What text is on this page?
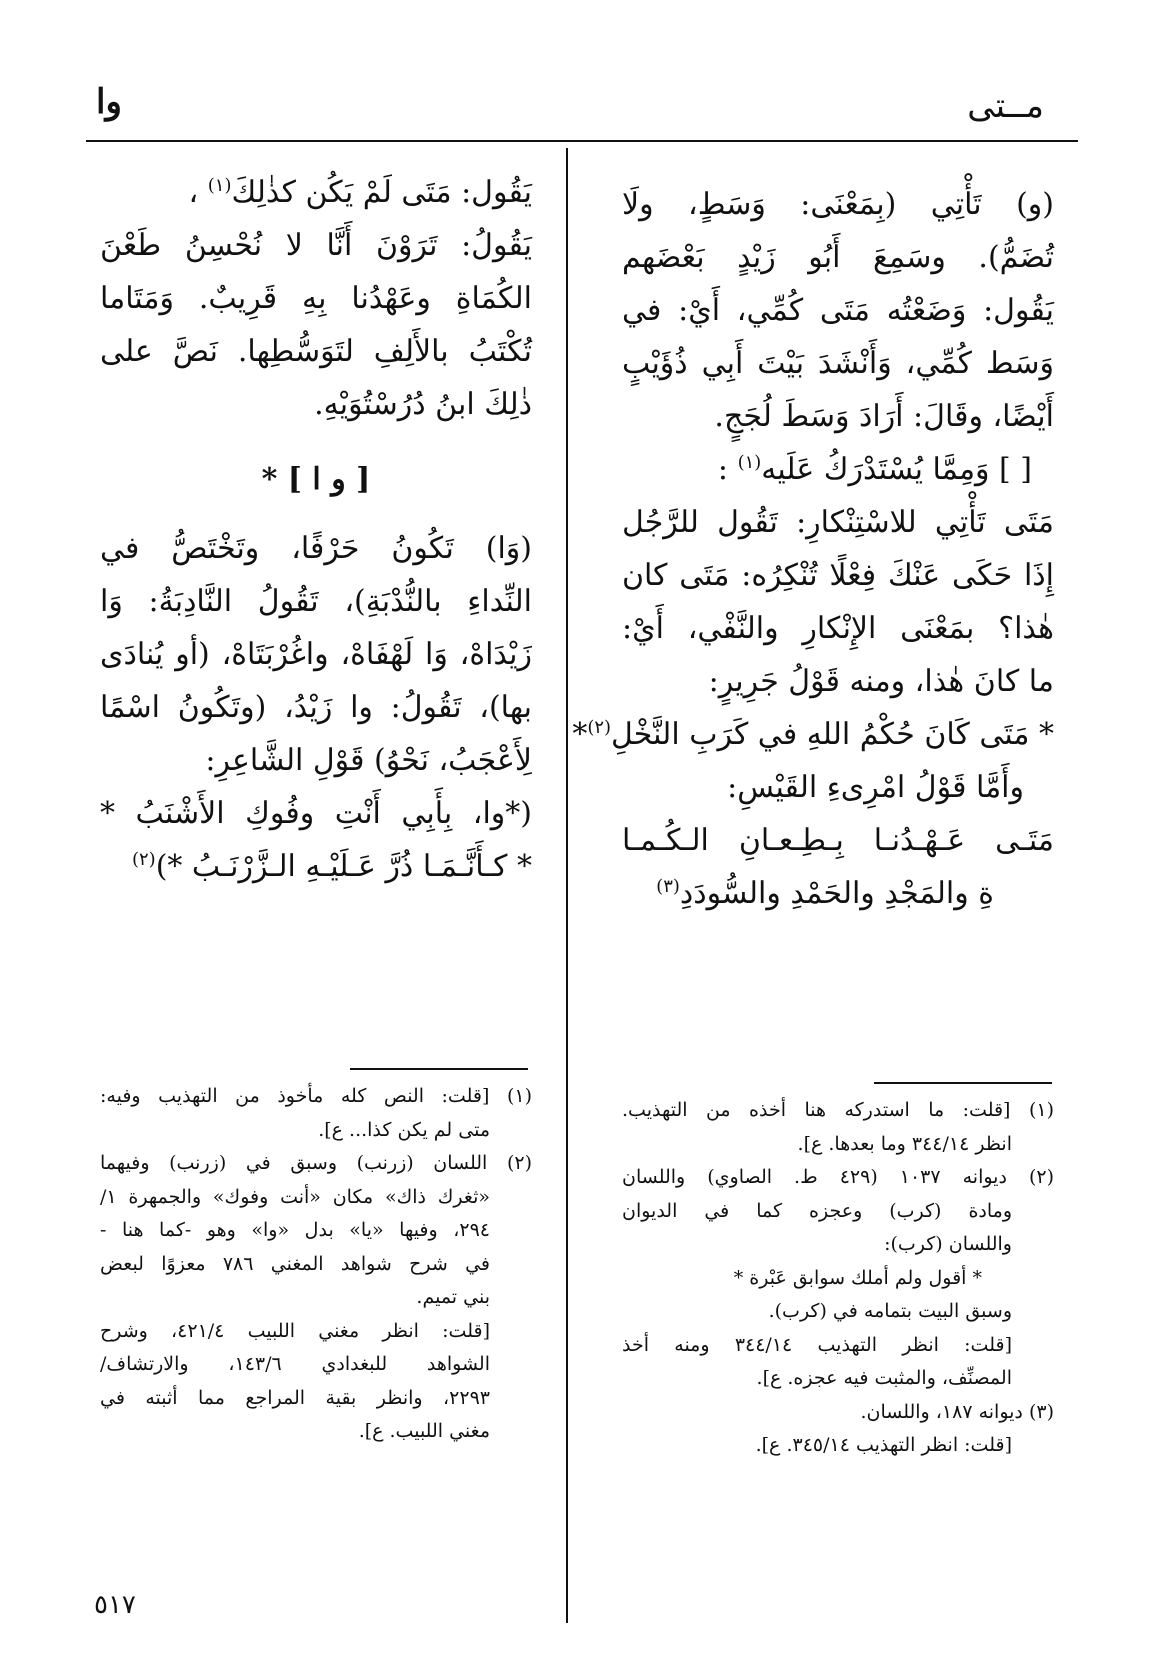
مــتى
وا
(و) تَأْتِي (بِمَعْنَى: وَسَطٍ، ولَا
تُضَمُّ). وسَمِعَ أَبُو زَيْدٍ بَعْضَهم
يَقُول: وَضَعْتُه مَتَى كُمِّي، أَيْ: في
وَسَط كُمِّي، وَأَنْشَدَ بَيْتَ أَبِي ذُؤَيْبٍ
أَيْضًا، وقَالَ: أَرَادَ وَسَطَ لُجَجٍ.
[ ] وَمِمَّا يُسْتَدْرَكُ عَلَيه$^{(١)}$ :
مَتَى تَأْتِي للاسْتِنْكارِ: تَقُول للرَّجُل
إِذَا حَكَى عَنْكَ فِعْلًا تُنْكِرُه: مَتَى كان
هٰذا؟ بمَعْنَى الإِنْكارِ والنَّفْي، أَيْ:
ما كانَ هٰذا، ومنه قَوْلُ جَرِيرٍ:
* مَتَى كَانَ حُكْمُ اللهِ في كَرَبِ النَّخْلِ$^{(٢)}$*
وأَمَّا قَوْلُ امْرِىءِ القَيْسِ:
مَتَـى عَـهْـدُنـا بِـطِـعـانِ الـكُـمـا
ةِ والمَجْدِ والحَمْدِ والسُّودَدِ$^{(٣)}$
يَقُول: مَتَى لَمْ يَكُن كذٰلِكَ$^{(١)}$ ،
يَقُولُ: تَرَوْنَ أَنَّا لا نُحْسِنُ طَعْنَ
الكُمَاةِ وعَهْدُنا بِهِ قَرِيبٌ. وَمَتَاما
تُكْتَبُ بالأَلِفِ لتَوَسُّطِها. نَصَّ على
ذٰلِكَ ابنُ دُرُسْتُوَيْهِ.
[ و ا ] *
(وَا) تَكُونُ حَرْفًا، وتَخْتَصُّ في
النِّداءِ بالنُّدْبَةِ)، تَقُولُ النَّادِبَةُ: وَا
زَيْدَاهْ، وَا لَهْفَاهْ، واغُرْبَتَاهْ، (أو يُنادَى
بها)، تَقُولُ: وا زَيْدُ، (وتَكُونُ اسْمًا
لِأَعْجَبُ، نَحْوُ) قَوْلِ الشَّاعِرِ:
(*وا، بِأَبِي أَنْتِ وفُوكِ الأَشْنَبُ *
* كـأَنَّـمَـا ذُرَّ عَـلَيْـهِ الـزَّرْنَـبُ *)$^{(٢)}$
(١) [قلت: ما استدركه هنا أخذه من التهذيب.
انظر ٣٤٤/١٤ وما بعدها. ع].
(٢) ديوانه ١٠٣٧ (٤٢٩ ط. الصاوي) واللسان
ومادة (كرب) وعجزه كما في الديوان
واللسان (كرب):
* أقول ولم أملك سوابق عَبْرة *
وسبق البيت بتمامه في (كرب).
[قلت: انظر التهذيب ٣٤٤/١٤ ومنه أخذ
المصنِّف، والمثبت فيه عجزه. ع].
(٣) ديوانه ١٨٧، واللسان.
[قلت: انظر التهذيب ٣٤٥/١٤. ع].
(١) [قلت: النص كله مأخوذ من التهذيب وفيه:
متى لم يكن كذا... ع].
(٢) اللسان (زرنب) وسبق في (زرنب) وفيهما
«ثغرك ذاك» مكان «أنت وفوك» والجمهرة ١/
٢٩٤، وفيها «يا» بدل «وا» وهو -كما هنا -
في شرح شواهد المغني ٧٨٦ معزوًا لبعض
بني تميم.
[قلت: انظر مغني اللبيب ٤٢١/٤، وشرح
الشواهد للبغدادي ١٤٣/٦، والارتشاف/
٢٢٩٣، وانظر بقية المراجع مما أثبته في
مغني اللبيب. ع].
٥١٧
